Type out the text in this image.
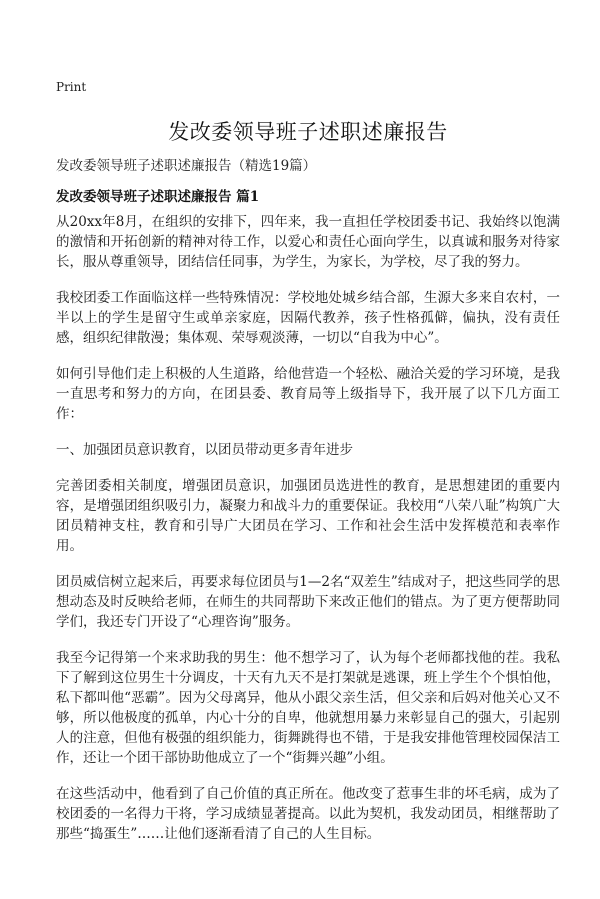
Print
发改委领导班子述职述廉报告
发改委领导班子述职述廉报告（精选19篇）
发改委领导班子述职述廉报告 篇1

从20xx年8月，在组织的安排下，四年来，我一直担任学校团委书记、我始终以饱满的激情和开拓创新的精神对待工作，以爱心和责任心面向学生，以真诚和服务对待家长，服从尊重领导，团结信任同事，为学生，为家长，为学校，尽了我的努力。

我校团委工作面临这样一些特殊情况：学校地处城乡结合部，生源大多来自农村，一半以上的学生是留守生或单亲家庭，因隔代教养，孩子性格孤僻，偏执，没有责任感，组织纪律散漫；集体观、荣辱观淡薄，一切以“自我为中心”。

如何引导他们走上积极的人生道路，给他营造一个轻松、融洽关爱的学习环境，是我一直思考和努力的方向，在团县委、教育局等上级指导下，我开展了以下几方面工作：

一、加强团员意识教育，以团员带动更多青年进步

完善团委相关制度，增强团员意识，加强团员选进性的教育，是思想建团的重要内容，是增强团组织吸引力，凝聚力和战斗力的重要保证。我校用“八荣八耻”构筑广大团员精神支柱，教育和引导广大团员在学习、工作和社会生活中发挥模范和表率作用。

团员威信树立起来后，再要求每位团员与1—2名“双差生”结成对子，把这些同学的思想动态及时反映给老师，在师生的共同帮助下来改正他们的错点。为了更方便帮助同学们，我还专门开设了“心理咨询”服务。

我至今记得第一个来求助我的男生：他不想学习了，认为每个老师都找他的茬。我私下了解到这位男生十分调皮，十天有九天不是打架就是逃课，班上学生个个惧怕他，私下都叫他“恶霸”。因为父母离异，他从小跟父亲生活，但父亲和后妈对他关心又不够，所以他极度的孤单，内心十分的自卑，他就想用暴力来彰显自己的强大，引起别人的注意，但他有极强的组织能力，街舞跳得也不错，于是我安排他管理校园保洁工作，还让一个团干部协助他成立了一个“街舞兴趣”小组。

在这些活动中，他看到了自己价值的真正所在。他改变了惹事生非的坏毛病，成为了校团委的一名得力干将，学习成绩显著提高。以此为契机，我发动团员，相继帮助了那些“捣蛋生”……让他们逐渐看清了自己的人生目标。
